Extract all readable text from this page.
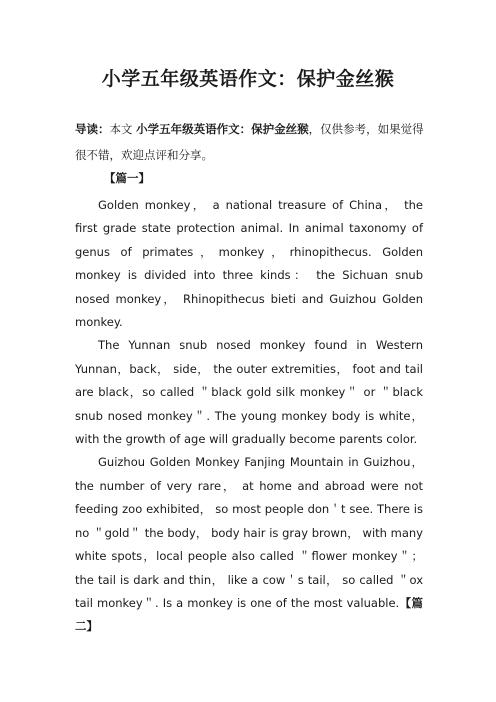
小学五年级英语作文：保护金丝猴
导读：本文 小学五年级英语作文：保护金丝猴，仅供参考，如果觉得很不错，欢迎点评和分享。
【篇一】

Golden monkey， a national treasure of China， the first grade state protection animal. In animal taxonomy of genus of primates，monkey，rhinopithecus. Golden monkey is divided into three kinds： the Sichuan snub nosed monkey， Rhinopithecus bieti and Guizhou Golden monkey.

The Yunnan snub nosed monkey found in Western Yunnan，back， side， the outer extremities， foot and tail are black，so called ＂black gold silk monkey＂ or ＂black snub nosed monkey＂. The young monkey body is white， with the growth of age will gradually become parents color.

Guizhou Golden Monkey Fanjing Mountain in Guizhou， the number of very rare， at home and abroad were not feeding zoo exhibited， so most people don＇t see. There is no ＂gold＂ the body， body hair is gray brown， with many white spots，local people also called ＂flower monkey＂；the tail is dark and thin， like a cow＇s tail， so called ＂ox tail monkey＂. Is a monkey is one of the most valuable.【篇二】
